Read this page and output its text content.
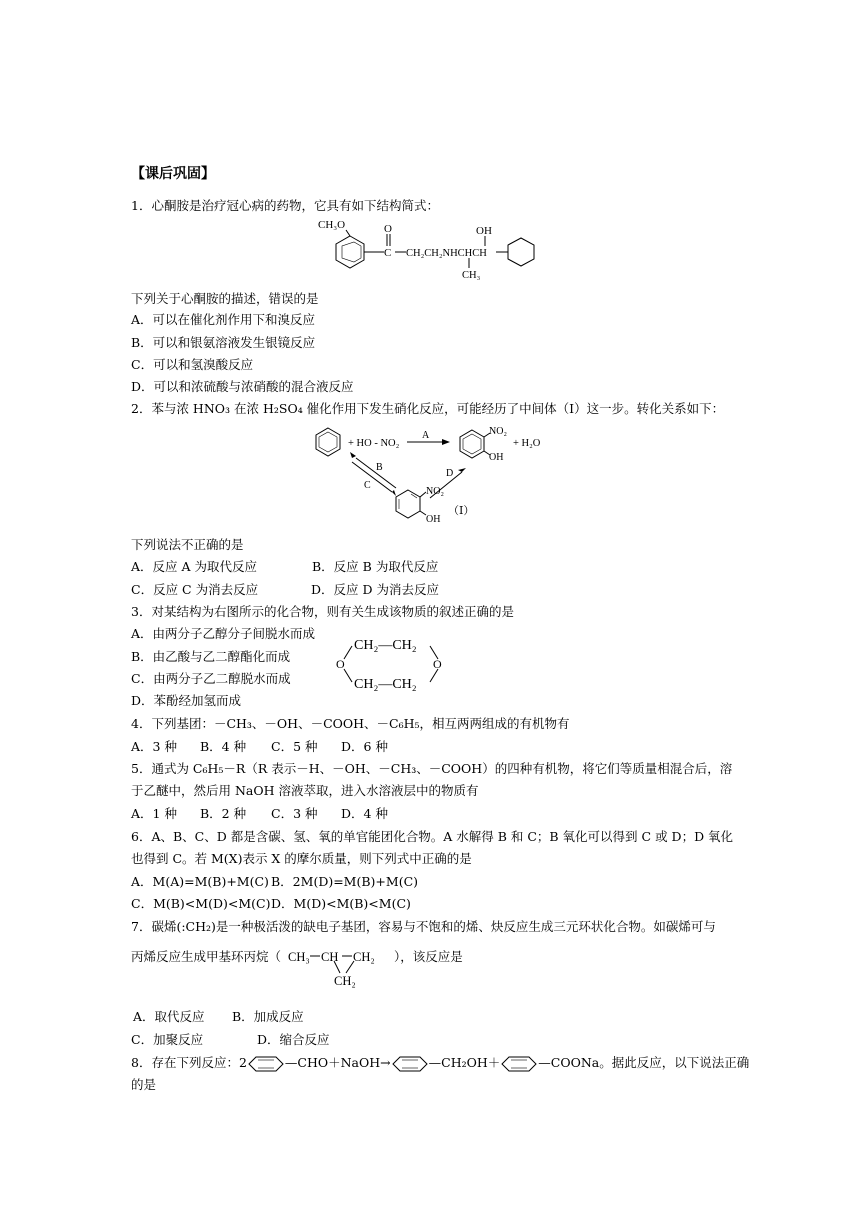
【课后巩固】
1．心酮胺是治疗冠心病的药物，它具有如下结构简式：
CH₃O	O
C CH₂CH₂NHCHCH
OH
CH₃
下列关于心酮胺的描述，错误的是
A．可以在催化剂作用下和溴反应
B．可以和银氨溶液发生银镜反应
C．可以和氢溴酸反应
D．可以和浓硫酸与浓硝酸的混合液反应
2．苯与浓 HNO₃ 在浓 H₂SO₄ 催化作用下发生硝化反应，可能经历了中间体（Ⅰ）这一步。转化关系如下：
+ HO - NO₂
A
B
C
D
NO₂
OH
+ H₂O
NO₂
OH
（Ⅰ）
下列说法不正确的是
A．反应 A 为取代反应	B．反应 B 为取代反应
C．反应 C 为消去反应	D．反应 D 为消去反应
3．对某结构为右图所示的化合物，则有关生成该物质的叙述正确的是
A．由两分子乙醇分子间脱水而成
B．由乙酸与乙二醇酯化而成
C．由两分子乙二醇脱水而成
D．苯酚经加氢而成
CH₂—CH₂
CH₂—CH₂
O	O
4．下列基团：－CH₃、－OH、－COOH、－C₆H₅，相互两两组成的有机物有
A．3 种 B．4 种 C．5 种 D．6 种
5．通式为 C₆H₅－R（R 表示－H、－OH、－CH₃、－COOH）的四种有机物，将它们等质量相混合后，溶
于乙醚中，然后用 NaOH 溶液萃取，进入水溶液层中的物质有
A．1 种 B．2 种 C．3 种 D．4 种
6．A、B、C、D 都是含碳、氢、氧的单官能团化合物。A 水解得 B 和 C；B 氧化可以得到 C 或 D；D 氧化
也得到 C。若 M(X)表示 X 的摩尔质量，则下列式中正确的是
A．M(A)=M(B)+M(C) B．2M(D)=M(B)+M(C)
C．M(B)<M(D)<M(C) D．M(D)<M(B)<M(C)
7．碳烯(:CH₂)是一种极活泼的缺电子基团，容易与不饱和的烯、炔反应生成三元环状化合物。如碳烯可与
丙烯反应生成甲基环丙烷（ CH₃ CH CH₂
CH₂
），该反应是
A．取代反应 B．加成反应
C．加聚反应	D．缩合反应
8．存在下列反应：2	—CHO＋NaOH→	—CH₂OH＋	—COONa。据此反应，以下说法正确
的是
